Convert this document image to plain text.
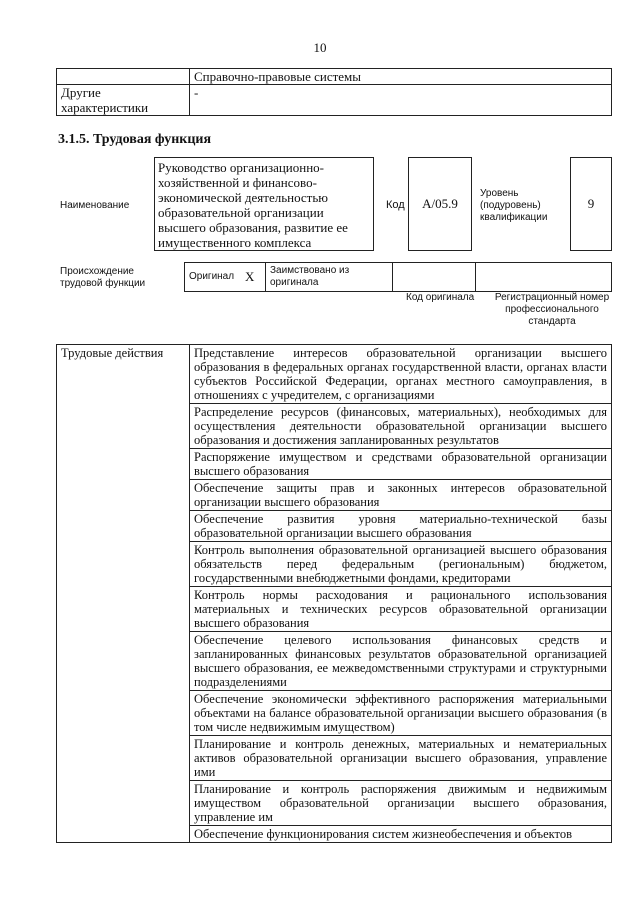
10
	Справочно-правовые системы
Другие характеристики	-
3.1.5. Трудовая функция
Наименование
Руководство организационно-хозяйственной и финансово-экономической деятельностью образовательной организации высшего образования, развитие ее имущественного комплекса
Код А/05.9
Уровень (подуровень) квалификации
9
Происхождение трудовой функции
Оригинал	X	Заимствовано из оригинала		
Код оригинала	Регистрационный номер профессионального стандарта
Трудовые действия	Представление интересов образовательной организации высшего образования в федеральных органах государственной власти, органах власти субъектов Российской Федерации, органах местного самоуправления, в отношениях с учредителем, с организациями
Распределение ресурсов (финансовых, материальных), необходимых для осуществления деятельности образовательной организации высшего образования и достижения запланированных результатов
Распоряжение имуществом и средствами образовательной организации высшего образования
Обеспечение защиты прав и законных интересов образовательной организации высшего образования
Обеспечение развития уровня материально-технической базы образовательной организации высшего образования
Контроль выполнения образовательной организацией высшего образования обязательств перед федеральным (региональным) бюджетом, государственными внебюджетными фондами, кредиторами
Контроль нормы расходования и рационального использования материальных и технических ресурсов образовательной организации высшего образования
Обеспечение целевого использования финансовых средств и запланированных финансовых результатов образовательной организацией высшего образования, ее межведомственными структурами и структурными подразделениями
Обеспечение экономически эффективного распоряжения материальными объектами на балансе образовательной организации высшего образования (в том числе недвижимым имуществом)
Планирование и контроль денежных, материальных и нематериальных активов образовательной организации высшего образования, управление ими
Планирование и контроль распоряжения движимым и недвижимым имуществом образовательной организации высшего образования, управление им
Обеспечение функционирования систем жизнеобеспечения и объектов
